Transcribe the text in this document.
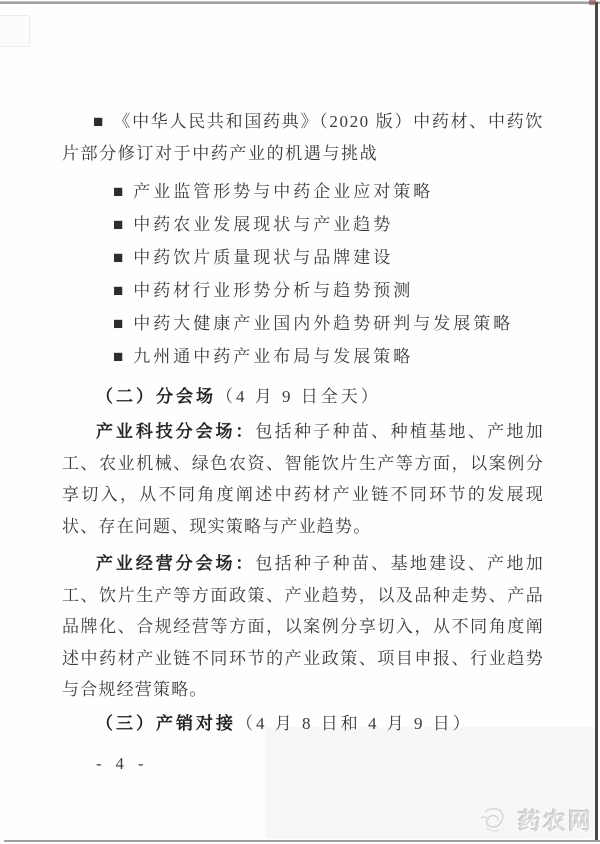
■ 《中华人民共和国药典》（2020 版）中药材、中药饮片部分修订对于中药产业的机遇与挑战

■ 产业监管形势与中药企业应对策略
■ 中药农业发展现状与产业趋势
■ 中药饮片质量现状与品牌建设
■ 中药材行业形势分析与趋势预测
■ 中药大健康产业国内外趋势研判与发展策略
■ 九州通中药产业布局与发展策略

（二）分会场（4 月 9 日全天）

产业科技分会场：包括种子种苗、种植基地、产地加工、农业机械、绿色农资、智能饮片生产等方面，以案例分享切入，从不同角度阐述中药材产业链不同环节的发展现状、存在问题、现实策略与产业趋势。

产业经营分会场：包括种子种苗、基地建设、产地加工、饮片生产等方面政策、产业趋势，以及品种走势、产品品牌化、合规经营等方面，以案例分享切入，从不同角度阐述中药材产业链不同环节的产业政策、项目申报、行业趋势与合规经营策略。

（三）产销对接（4 月 8 日和 4 月 9 日）

- 4 -

药农网
